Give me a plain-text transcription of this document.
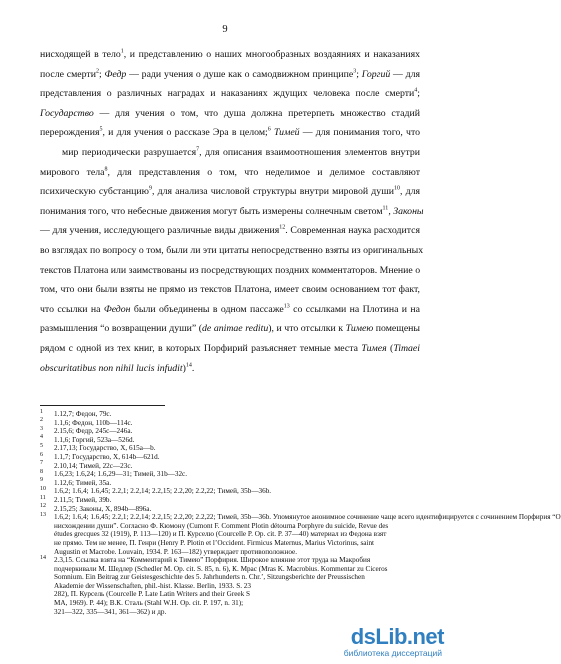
9
нисходящей в тело$^1$, и представлению о наших многообразных воздаяниях и наказаниях
после смерти$^2$; Федр — ради учения о душе как о самодвижном принципе$^3$; Горгий — для
представления о различных наградах и наказаниях ждущих человека после смерти$^4$;
Государство — для учения о том, что душа должна претерпеть множество стадий
перерождения$^5$, и для учения о рассказе Эра в целом;$^6$ Тимей — для понимания того, что
мир периодически разрушается$^7$, для описания взаимоотношения элементов внутри
мирового тела$^8$, для представления о том, что неделимое и делимое составляют
психическую субстанцию$^9$, для анализа числовой структуры внутри мировой души$^{10}$, для
понимания того, что небесные движения могут быть измерены солнечным светом$^{11}$, Законы
— для учения, исследующего различные виды движения$^{12}$. Современная наука расходится
во взглядах по вопросу о том, были ли эти цитаты непосредственно взяты из оригинальных
текстов Платона или заимствованы из посредствующих поздних комментаторов. Мнение о
том, что они были взяты не прямо из текстов Платона, имеет своим основанием тот факт,
что ссылки на Федон были объединены в одном пассаже$^{13}$ со ссылками на Плотина и на
размышления “о возвращении души” (de animae reditu), и что отсылки к Тимею помещены
рядом с одной из тех книг, в которых Порфирий разъясняет темные места Тимея (Timaei
obscuritatibus non nihil lucis infudit)$^{14}$.
$^1$ 1.12,7; Федон, 79с.
$^2$ 1.1,6; Федон, 110b—114с.
$^3$ 2.15,6; Федр, 245с—246а.
$^4$ 1.1,6; Горгий, 523а—526d.
$^5$ 2.17,13; Государство, X, 615а—b.
$^6$ 1.1,7; Государство, X, 614b—621d.
$^7$ 2.10,14; Тимей, 22с—23с.
$^8$ 1.6,23; 1.6,24; 1.6,29—31; Тимей, 31b—32с.
$^9$ 1.12,6; Тимей, 35а.
$^{10}$ 1.6,2; 1.6,4; 1.6,45; 2.2,1; 2.2,14; 2.2,15; 2.2,20; 2.2,22; Тимей, 35b—36b.
$^{11}$ 2.11,5; Тимей, 39b.
$^{12}$ 2.15,25; Законы, X, 894b—896а.
$^{13}$ 1.6,2; 1.6,4; 1.6,45; 2.2,1; 2.2,14; 2.2,15; 2.2,20; 2.2,22; Тимей, 35b—36b. Упомянутое анонимное сочинение чаще всего идентифицируется с сочинением Порфирия “О
нисхождении души”. Согласно Ф. Кюмону (Cumont F. Comment Plotin détourna Porphyre du suicide, Revue des
études grecques 32 (1919), P. 113—120) и П. Курселю (Courcelle P. Op. cit. P. 37—40) материал из Федона взят
не прямо. Тем не менее, П. Генри (Henry P. Plotin et l’Occident. Firmicus Maternus, Marius Victorinus, saint
Augustin et Macrobe. Louvain, 1934. P. 163—182) утверждает противоположное.
$^{14}$ 2.3,15. Ссылка взята на “Комментарий к Тимею” Порфирия. Широкое влияние этот труда на Макробия
подчеркивали М. Шедлер (Schedler M. Op. cit. S. 85, n. 6), К. Мрас (Mras K. Macrobius. Kommentar zu Ciceros
Somnium. Ein Beitrag zur Geistesgeschichte des 5. Jahrhunderts n. Chr.’, Sitzungsberichte der Preussischen
Akademie der Wissenschaften, phil.-hist. Klasse. Berlin, 1933. S. 23
282), П. Курсель (Courcelle P. Late Latin Writers and their Greek S
MA, 1969). P. 44); В.К. Сталь (Stahl W.H. Op. cit. P. 197, n. 31);
321—322, 335—341, 361—362) и др.
dsLib.net
библиотека диссертаций
